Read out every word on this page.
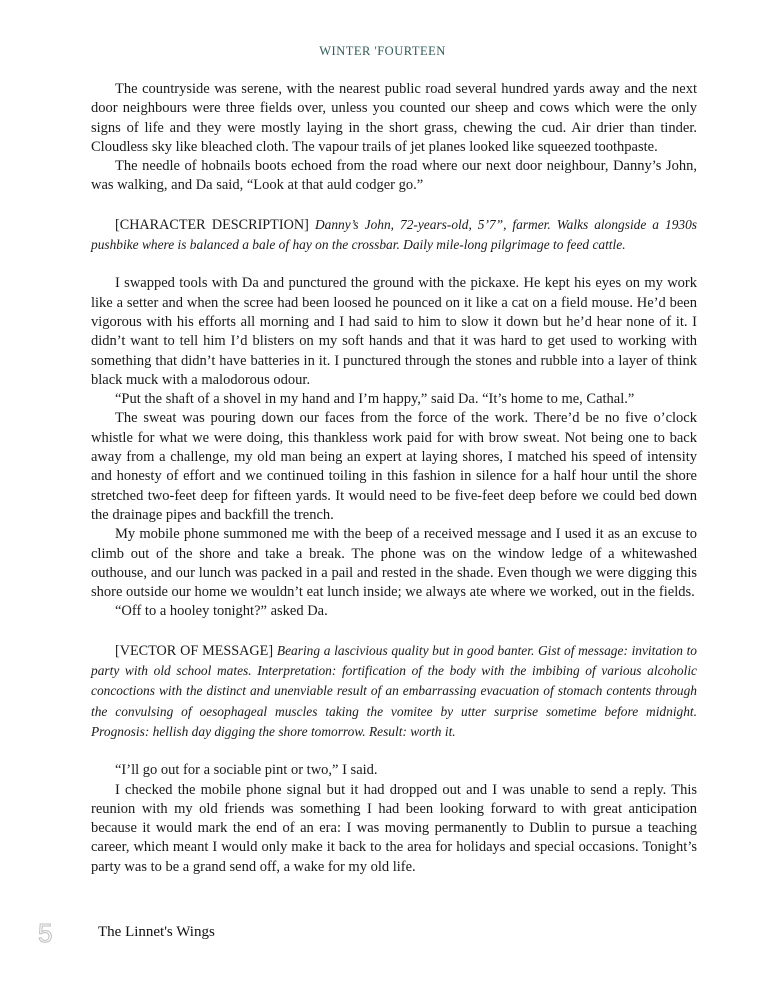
WINTER 'FOURTEEN

The countryside was serene, with the nearest public road several hundred yards away and the next door neighbours were three fields over, unless you counted our sheep and cows which were the only signs of life and they were mostly laying in the short grass, chewing the cud. Air drier than tinder. Cloudless sky like bleached cloth. The vapour trails of jet planes looked like squeezed toothpaste.

The needle of hobnails boots echoed from the road where our next door neighbour, Danny’s John, was walking, and Da said, “Look at that auld codger go.”

[CHARACTER DESCRIPTION] Danny’s John, 72-years-old, 5’7”, farmer. Walks alongside a 1930s pushbike where is balanced a bale of hay on the crossbar. Daily mile-long pilgrimage to feed cattle.

I swapped tools with Da and punctured the ground with the pickaxe. He kept his eyes on my work like a setter and when the scree had been loosed he pounced on it like a cat on a field mouse. He’d been vigorous with his efforts all morning and I had said to him to slow it down but he’d hear none of it. I didn’t want to tell him I’d blisters on my soft hands and that it was hard to get used to working with something that didn’t have batteries in it. I punctured through the stones and rubble into a layer of think black muck with a malodorous odour.

“Put the shaft of a shovel in my hand and I’m happy,” said Da. “It’s home to me, Cathal.”

The sweat was pouring down our faces from the force of the work. There’d be no five o’clock whistle for what we were doing, this thankless work paid for with brow sweat. Not being one to back away from a challenge, my old man being an expert at laying shores, I matched his speed of intensity and honesty of effort and we continued toiling in this fashion in silence for a half hour until the shore stretched two-feet deep for fifteen yards. It would need to be five-feet deep before we could bed down the drainage pipes and backfill the trench.

My mobile phone summoned me with the beep of a received message and I used it as an excuse to climb out of the shore and take a break. The phone was on the window ledge of a whitewashed outhouse, and our lunch was packed in a pail and rested in the shade. Even though we were digging this shore outside our home we wouldn’t eat lunch inside; we always ate where we worked, out in the fields.

“Off to a hooley tonight?” asked Da.

[VECTOR OF MESSAGE] Bearing a lascivious quality but in good banter. Gist of message: invitation to party with old school mates. Interpretation: fortification of the body with the imbibing of various alcoholic concoctions with the distinct and unenviable result of an embarrassing evacuation of stomach contents through the convulsing of oesophageal muscles taking the vomitee by utter surprise sometime before midnight. Prognosis: hellish day digging the shore tomorrow. Result: worth it.

“I’ll go out for a sociable pint or two,” I said.

I checked the mobile phone signal but it had dropped out and I was unable to send a reply. This reunion with my old friends was something I had been looking forward to with great anticipation because it would mark the end of an era: I was moving permanently to Dublin to pursue a teaching career, which meant I would only make it back to the area for holidays and special occasions. Tonight’s party was to be a grand send off, a wake for my old life.

5	The Linnet's Wings
